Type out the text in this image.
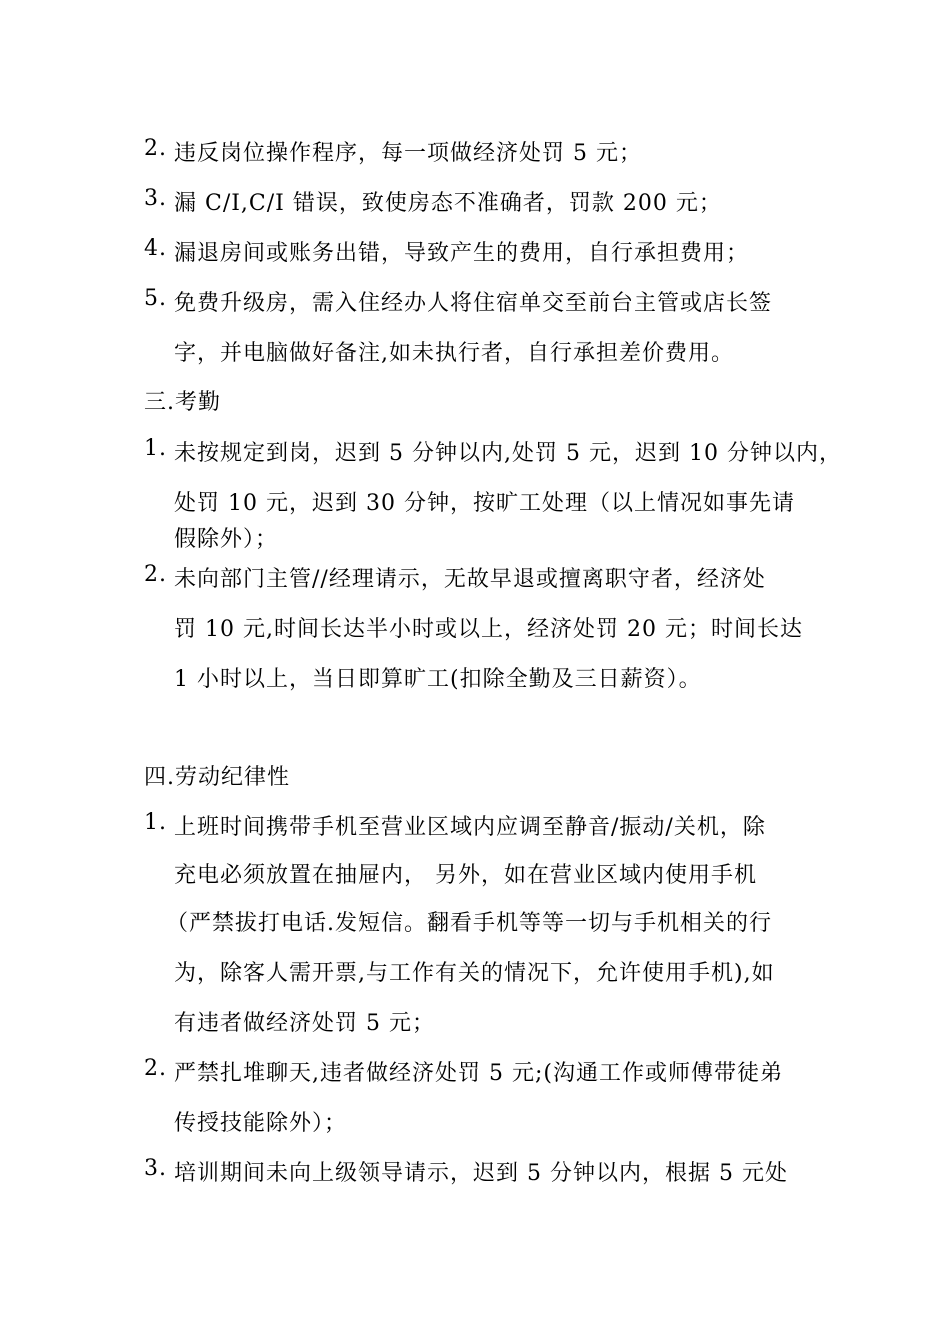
2. 违反岗位操作程序，每一项做经济处罚 5 元；
3. 漏 C/I,C/I 错误，致使房态不准确者，罚款 200 元；
4. 漏退房间或账务出错，导致产生的费用，自行承担费用；
5. 免费升级房，需入住经办人将住宿单交至前台主管或店长签
字，并电脑做好备注,如未执行者，自行承担差价费用。
三.考勤
1. 未按规定到岗，迟到 5 分钟以内,处罚 5 元，迟到 10 分钟以内，
处罚 10 元，迟到 30 分钟，按旷工处理（以上情况如事先请
假除外）；
2. 未向部门主管//经理请示，无故早退或擅离职守者，经济处
罚 10 元,时间长达半小时或以上，经济处罚 20 元；时间长达
1 小时以上，当日即算旷工(扣除全勤及三日薪资）。
四.劳动纪律性
1. 上班时间携带手机至营业区域内应调至静音/振动/关机，除
充电必须放置在抽屉内， 另外，如在营业区域内使用手机
（严禁拔打电话.发短信。翻看手机等等一切与手机相关的行
为，除客人需开票,与工作有关的情况下，允许使用手机),如
有违者做经济处罚 5 元；
2. 严禁扎堆聊天,违者做经济处罚 5 元;(沟通工作或师傅带徒弟
传授技能除外）；
3. 培训期间未向上级领导请示，迟到 5 分钟以内，根据 5 元处
